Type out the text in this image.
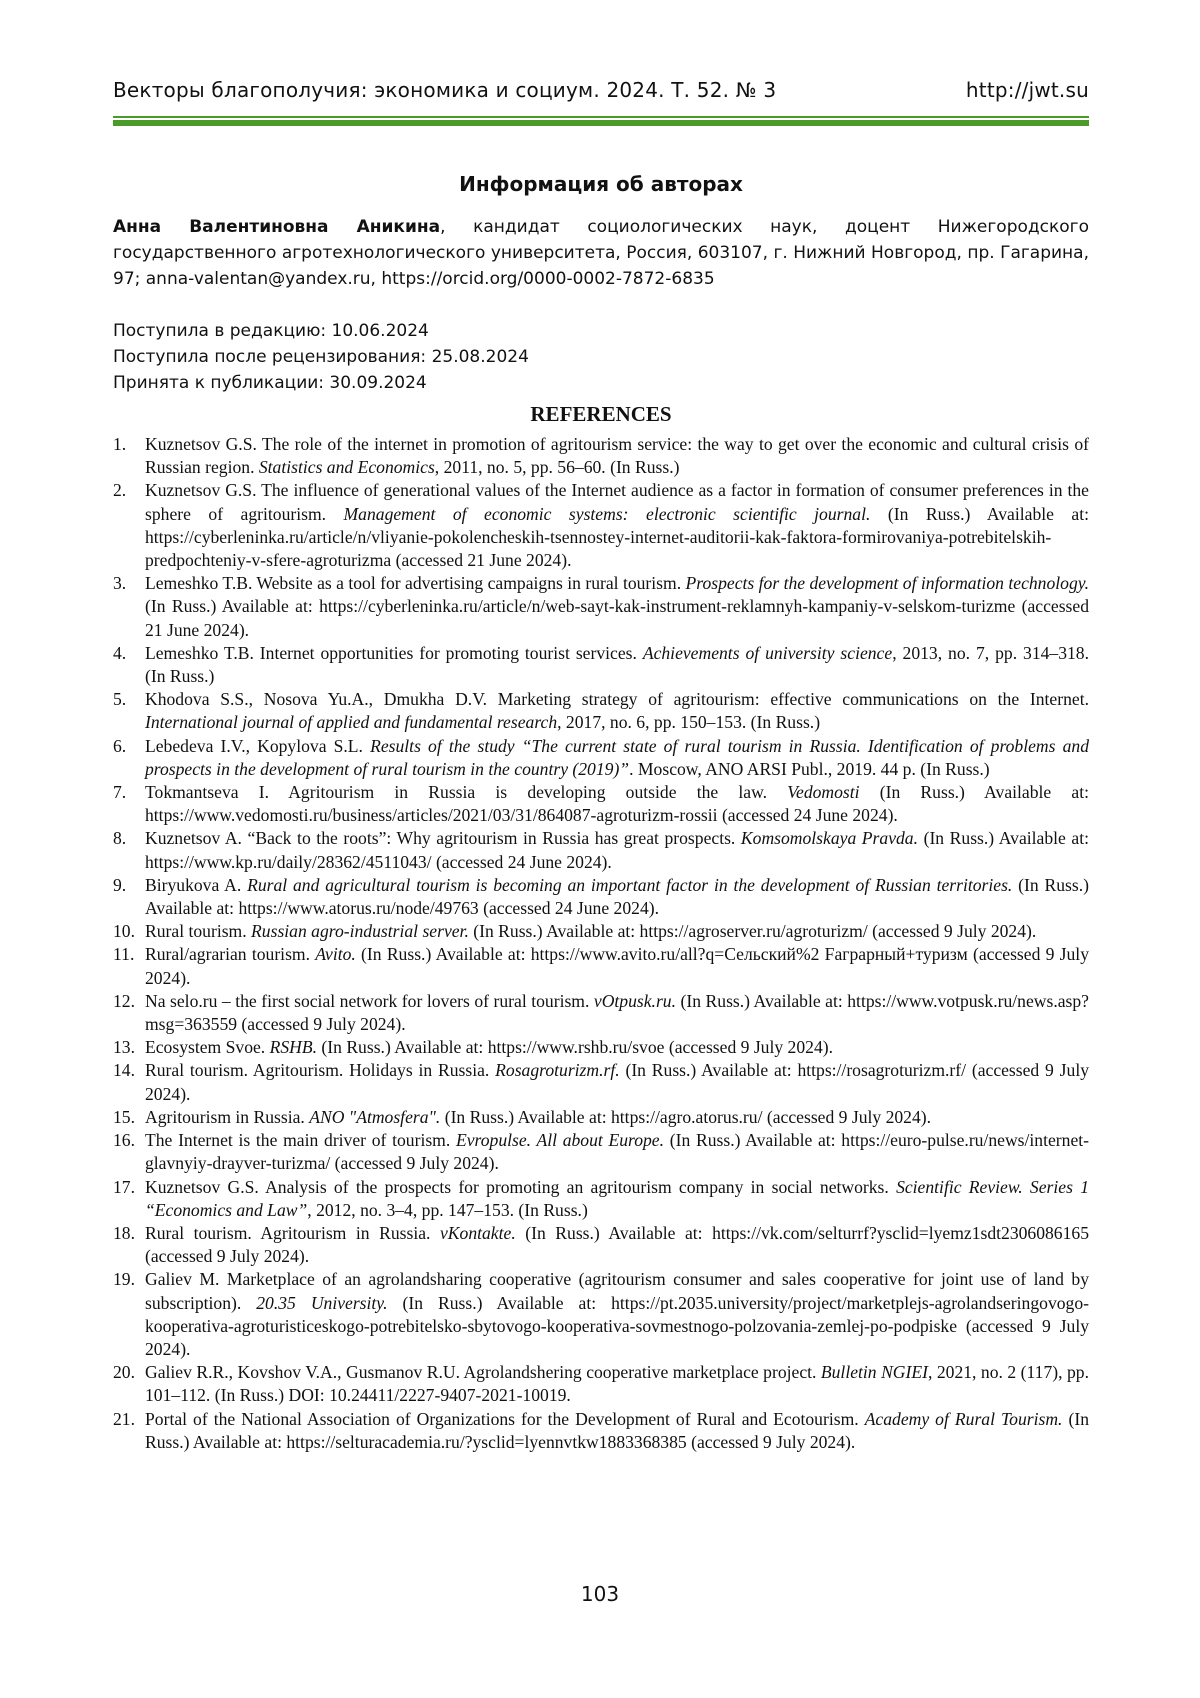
Векторы благополучия: экономика и социум. 2024. Т. 52. № 3	http://jwt.su
Информация об авторах

Анна Валентиновна Аникина, кандидат социологических наук, доцент Нижегородского государственного агротехнологического университета, Россия, 603107, г. Нижний Новгород, пр. Гагарина, 97; anna-valentan@yandex.ru, https://orcid.org/0000-0002-7872-6835

Поступила в редакцию: 10.06.2024
Поступила после рецензирования: 25.08.2024
Принята к публикации: 30.09.2024
REFERENCES
1. Kuznetsov G.S. The role of the internet in promotion of agritourism service: the way to get over the economic and cultural crisis of Russian region. Statistics and Economics, 2011, no. 5, pp. 56–60. (In Russ.)
2. Kuznetsov G.S. The influence of generational values of the Internet audience as a factor in formation of consumer preferences in the sphere of agritourism. Management of economic systems: electronic scientific journal. (In Russ.) Available at: https://cyberleninka.ru/article/n/vliyanie-pokolencheskih-tsennostey-internet-auditorii-kak-faktora-formirovaniya-potrebitelskih-predpochteniy-v-sfere-agroturizma (accessed 21 June 2024).
3. Lemeshko T.B. Website as a tool for advertising campaigns in rural tourism. Prospects for the development of information technology. (In Russ.) Available at: https://cyberleninka.ru/article/n/web-sayt-kak-instrument-reklamnyh-kampaniy-v-selskom-turizme (accessed 21 June 2024).
4. Lemeshko T.B. Internet opportunities for promoting tourist services. Achievements of university science, 2013, no. 7, pp. 314–318. (In Russ.)
5. Khodova S.S., Nosova Yu.A., Dmukha D.V. Marketing strategy of agritourism: effective communications on the Internet. International journal of applied and fundamental research, 2017, no. 6, pp. 150–153. (In Russ.)
6. Lebedeva I.V., Kopylova S.L. Results of the study “The current state of rural tourism in Russia. Identification of problems and prospects in the development of rural tourism in the country (2019)”. Moscow, ANO ARSI Publ., 2019. 44 p. (In Russ.)
7. Tokmantseva I. Agritourism in Russia is developing outside the law. Vedomosti (In Russ.) Available at: https://www.vedomosti.ru/business/articles/2021/03/31/864087-agroturizm-rossii (accessed 24 June 2024).
8. Kuznetsov A. “Back to the roots”: Why agritourism in Russia has great prospects. Komsomolskaya Pravda. (In Russ.) Available at: https://www.kp.ru/daily/28362/4511043/ (accessed 24 June 2024).
9. Biryukova A. Rural and agricultural tourism is becoming an important factor in the development of Russian territories. (In Russ.) Available at: https://www.atorus.ru/node/49763 (accessed 24 June 2024).
10. Rural tourism. Russian agro-industrial server. (In Russ.) Available at: https://agroserver.ru/agroturizm/ (accessed 9 July 2024).
11. Rural/agrarian tourism. Avito. (In Russ.) Available at: https://www.avito.ru/all?q=Сельский%2 Fаграрный+туризм (accessed 9 July 2024).
12. Na selo.ru – the first social network for lovers of rural tourism. vOtpusk.ru. (In Russ.) Available at: https://www.votpusk.ru/news.asp?msg=363559 (accessed 9 July 2024).
13. Ecosystem Svoe. RSHB. (In Russ.) Available at: https://www.rshb.ru/svoe (accessed 9 July 2024).
14. Rural tourism. Agritourism. Holidays in Russia. Rosagroturizm.rf. (In Russ.) Available at: https://rosagroturizm.rf/ (accessed 9 July 2024).
15. Agritourism in Russia. ANO "Atmosfera". (In Russ.) Available at: https://agro.atorus.ru/ (accessed 9 July 2024).
16. The Internet is the main driver of tourism. Evropulse. All about Europe. (In Russ.) Available at: https://euro-pulse.ru/news/internet-glavnyiy-drayver-turizma/ (accessed 9 July 2024).
17. Kuznetsov G.S. Analysis of the prospects for promoting an agritourism company in social networks. Scientific Review. Series 1 “Economics and Law”, 2012, no. 3–4, pp. 147–153. (In Russ.)
18. Rural tourism. Agritourism in Russia. vKontakte. (In Russ.) Available at: https://vk.com/selturrf?ysclid=lyemz1sdt2306086165 (accessed 9 July 2024).
19. Galiev M. Marketplace of an agrolandsharing cooperative (agritourism consumer and sales cooperative for joint use of land by subscription). 20.35 University. (In Russ.) Available at: https://pt.2035.university/project/marketplejs-agrolandseringovogo-kooperativa-agroturisticeskogo-potrebitelsko-sbytovogo-kooperativa-sovmestnogo-polzovania-zemlej-po-podpiske (accessed 9 July 2024).
20. Galiev R.R., Kovshov V.A., Gusmanov R.U. Agrolandshering cooperative marketplace project. Bulletin NGIEI, 2021, no. 2 (117), pp. 101–112. (In Russ.) DOI: 10.24411/2227-9407-2021-10019.
21. Portal of the National Association of Organizations for the Development of Rural and Ecotourism. Academy of Rural Tourism. (In Russ.) Available at: https://selturacademia.ru/?ysclid=lyennvtkw1883368385 (accessed 9 July 2024).
103
